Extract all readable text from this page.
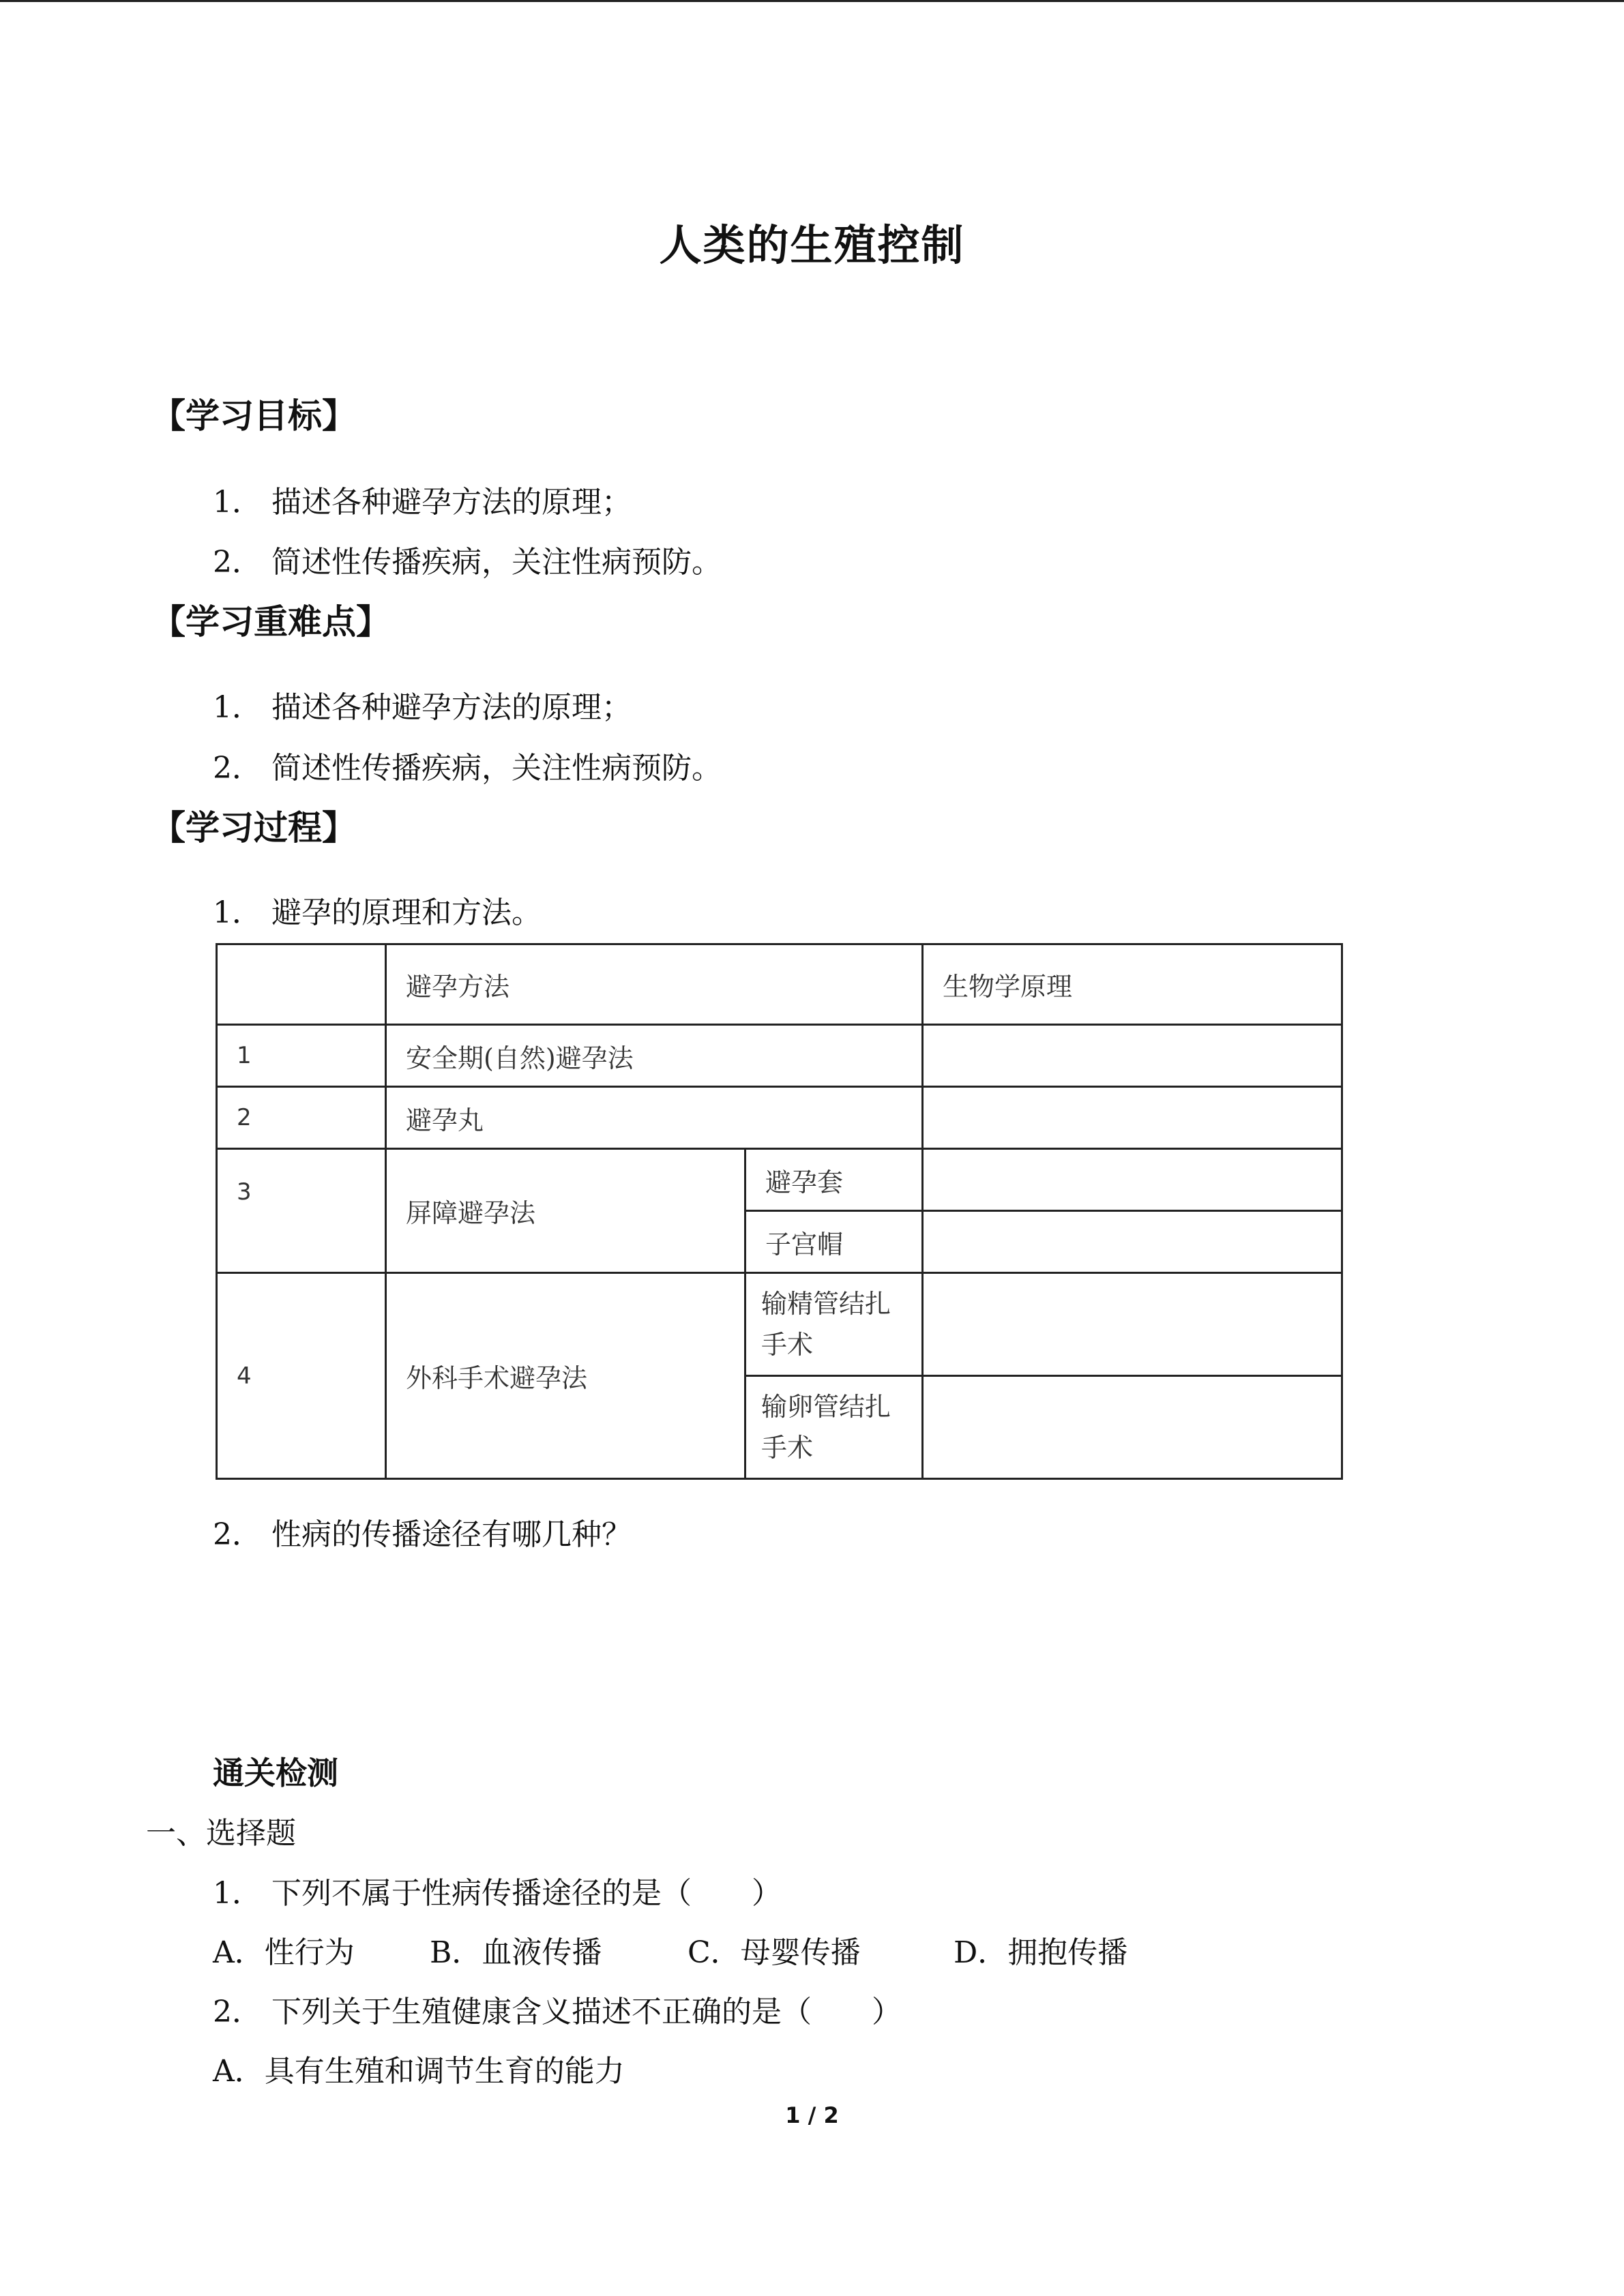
人类的生殖控制
【学习目标】
1． 描述各种避孕方法的原理；
2． 简述性传播疾病，关注性病预防。
【学习重难点】
1． 描述各种避孕方法的原理；
2． 简述性传播疾病，关注性病预防。
【学习过程】
1． 避孕的原理和方法。
	避孕方法		生物学原理
1	安全期(自然)避孕法		
2	避孕丸		
3	屏障避孕法	避孕套	
		子宫帽	
4	外科手术避孕法	输精管结扎手术	
		输卵管结扎手术	
2． 性病的传播途径有哪几种？
通关检测
一、选择题
1． 下列不属于性病传播途径的是（　　）
A．性行为	B．血液传播	C．母婴传播	D．拥抱传播
2． 下列关于生殖健康含义描述不正确的是（　　）
A．具有生殖和调节生育的能力
1 / 2
